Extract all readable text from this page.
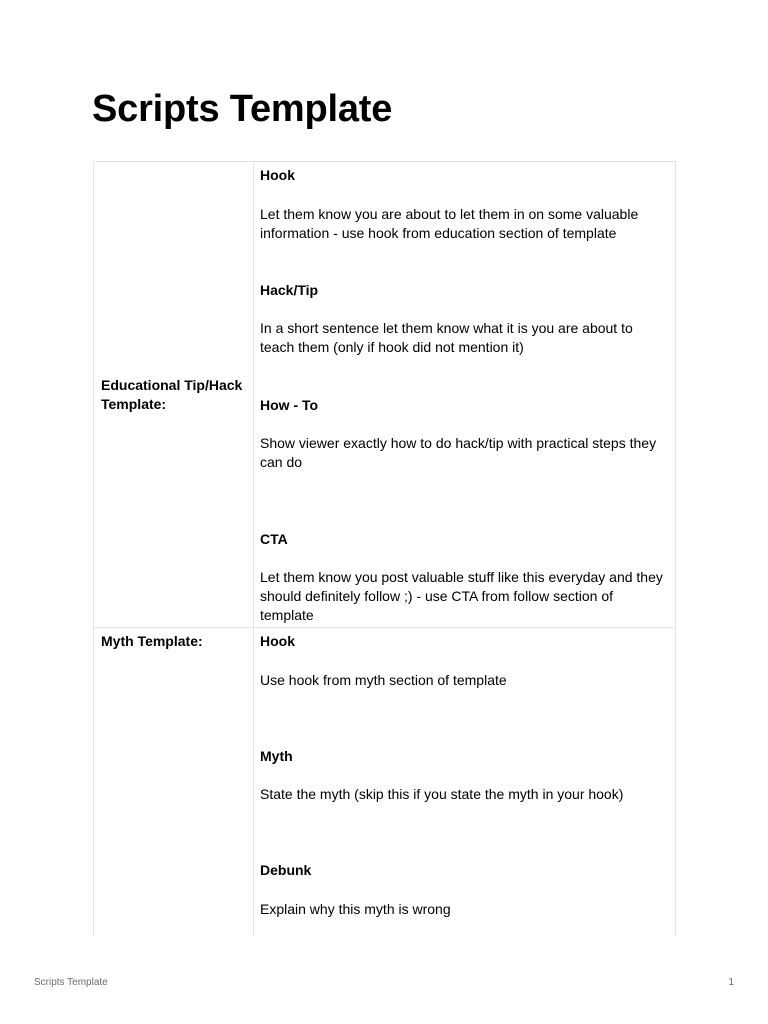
Scripts Template
Educational Tip/Hack Template:
Hook
Let them know you are about to let them in on some valuable information - use hook from education section of template
Hack/Tip
In a short sentence let them know what it is you are about to teach them (only if hook did not mention it)
How - To
Show viewer exactly how to do hack/tip with practical steps they can do
CTA
Let them know you post valuable stuff like this everyday and they should definitely follow ;) - use CTA from follow section of template
Myth Template:	Hook
Use hook from myth section of template
Myth
State the myth (skip this if you state the myth in your hook)
Debunk
Explain why this myth is wrong
Scripts Template	1
